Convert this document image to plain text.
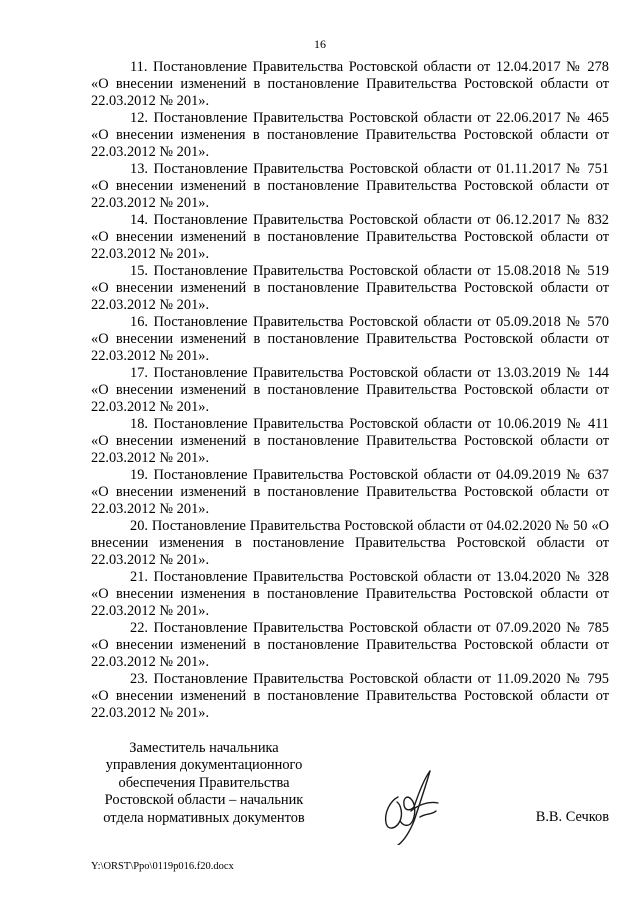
16

11. Постановление Правительства Ростовской области от 12.04.2017 № 278 «О внесении изменений в постановление Правительства Ростовской области от 22.03.2012 № 201».

12. Постановление Правительства Ростовской области от 22.06.2017 № 465 «О внесении изменения в постановление Правительства Ростовской области от 22.03.2012 № 201».

13. Постановление Правительства Ростовской области от 01.11.2017 № 751 «О внесении изменений в постановление Правительства Ростовской области от 22.03.2012 № 201».

14. Постановление Правительства Ростовской области от 06.12.2017 № 832 «О внесении изменений в постановление Правительства Ростовской области от 22.03.2012 № 201».

15. Постановление Правительства Ростовской области от 15.08.2018 № 519 «О внесении изменений в постановление Правительства Ростовской области от 22.03.2012 № 201».

16. Постановление Правительства Ростовской области от 05.09.2018 № 570 «О внесении изменений в постановление Правительства Ростовской области от 22.03.2012 № 201».

17. Постановление Правительства Ростовской области от 13.03.2019 № 144 «О внесении изменений в постановление Правительства Ростовской области от 22.03.2012 № 201».

18. Постановление Правительства Ростовской области от 10.06.2019 № 411 «О внесении изменений в постановление Правительства Ростовской области от 22.03.2012 № 201».

19. Постановление Правительства Ростовской области от 04.09.2019 № 637 «О внесении изменений в постановление Правительства Ростовской области от 22.03.2012 № 201».

20. Постановление Правительства Ростовской области от 04.02.2020 № 50 «О внесении изменения в постановление Правительства Ростовской области от 22.03.2012 № 201».

21. Постановление Правительства Ростовской области от 13.04.2020 № 328 «О внесении изменения в постановление Правительства Ростовской области от 22.03.2012 № 201».

22. Постановление Правительства Ростовской области от 07.09.2020 № 785 «О внесении изменений в постановление Правительства Ростовской области от 22.03.2012 № 201».

23. Постановление Правительства Ростовской области от 11.09.2020 № 795 «О внесении изменений в постановление Правительства Ростовской области от 22.03.2012 № 201».

Заместитель начальника
управления документационного
обеспечения Правительства
Ростовской области – начальник
отдела нормативных документов	В.В. Сечков
Y:\ORST\Ppo\0119p016.f20.docx
